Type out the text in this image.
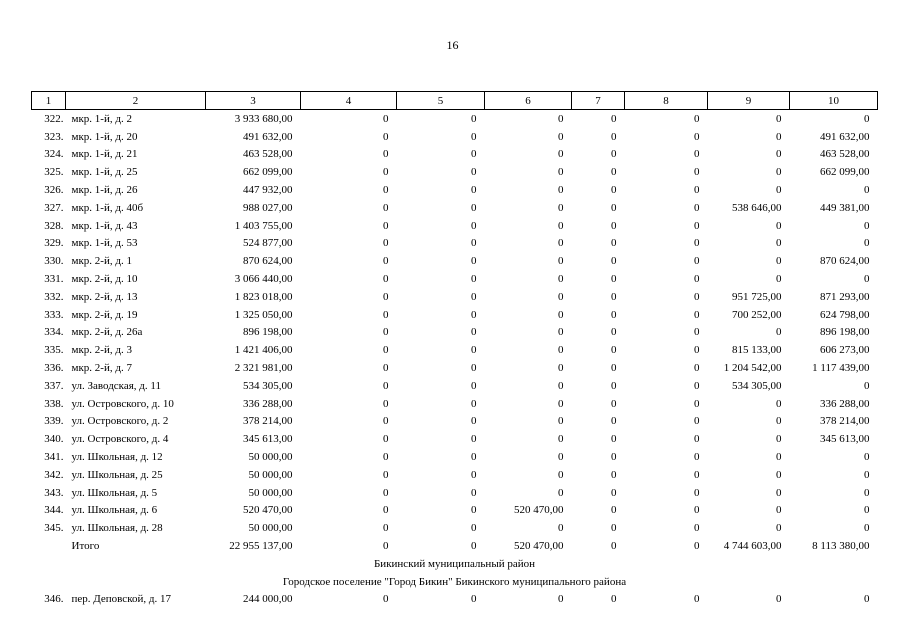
16
1	2	3	4	5	6	7	8	9	10
322.	мкр. 1-й, д. 2	3 933 680,00	0	0	0	0	0	0	0
323.	мкр. 1-й, д. 20	491 632,00	0	0	0	0	0	0	491 632,00
324.	мкр. 1-й, д. 21	463 528,00	0	0	0	0	0	0	463 528,00
325.	мкр. 1-й, д. 25	662 099,00	0	0	0	0	0	0	662 099,00
326.	мкр. 1-й, д. 26	447 932,00	0	0	0	0	0	0	0
327.	мкр. 1-й, д. 40б	988 027,00	0	0	0	0	0	538 646,00	449 381,00
328.	мкр. 1-й, д. 43	1 403 755,00	0	0	0	0	0	0	0
329.	мкр. 1-й, д. 53	524 877,00	0	0	0	0	0	0	0
330.	мкр. 2-й, д. 1	870 624,00	0	0	0	0	0	0	870 624,00
331.	мкр. 2-й, д. 10	3 066 440,00	0	0	0	0	0	0	0
332.	мкр. 2-й, д. 13	1 823 018,00	0	0	0	0	0	951 725,00	871 293,00
333.	мкр. 2-й, д. 19	1 325 050,00	0	0	0	0	0	700 252,00	624 798,00
334.	мкр. 2-й, д. 26а	896 198,00	0	0	0	0	0	0	896 198,00
335.	мкр. 2-й, д. 3	1 421 406,00	0	0	0	0	0	815 133,00	606 273,00
336.	мкр. 2-й, д. 7	2 321 981,00	0	0	0	0	0	1 204 542,00	1 117 439,00
337.	ул. Заводская, д. 11	534 305,00	0	0	0	0	0	534 305,00	0
338.	ул. Островского, д. 10	336 288,00	0	0	0	0	0	0	336 288,00
339.	ул. Островского, д. 2	378 214,00	0	0	0	0	0	0	378 214,00
340.	ул. Островского, д. 4	345 613,00	0	0	0	0	0	0	345 613,00
341.	ул. Школьная, д. 12	50 000,00	0	0	0	0	0	0	0
342.	ул. Школьная, д. 25	50 000,00	0	0	0	0	0	0	0
343.	ул. Школьная, д. 5	50 000,00	0	0	0	0	0	0	0
344.	ул. Школьная, д. 6	520 470,00	0	0	520 470,00	0	0	0	0
345.	ул. Школьная, д. 28	50 000,00	0	0	0	0	0	0	0
	Итого	22 955 137,00	0	0	520 470,00	0	0	4 744 603,00	8 113 380,00
Бикинский муниципальный район									
Городское поселение "Город Бикин" Бикинского муниципального района									
346.	пер. Деповской, д. 17	244 000,00	0	0	0	0	0	0	0
